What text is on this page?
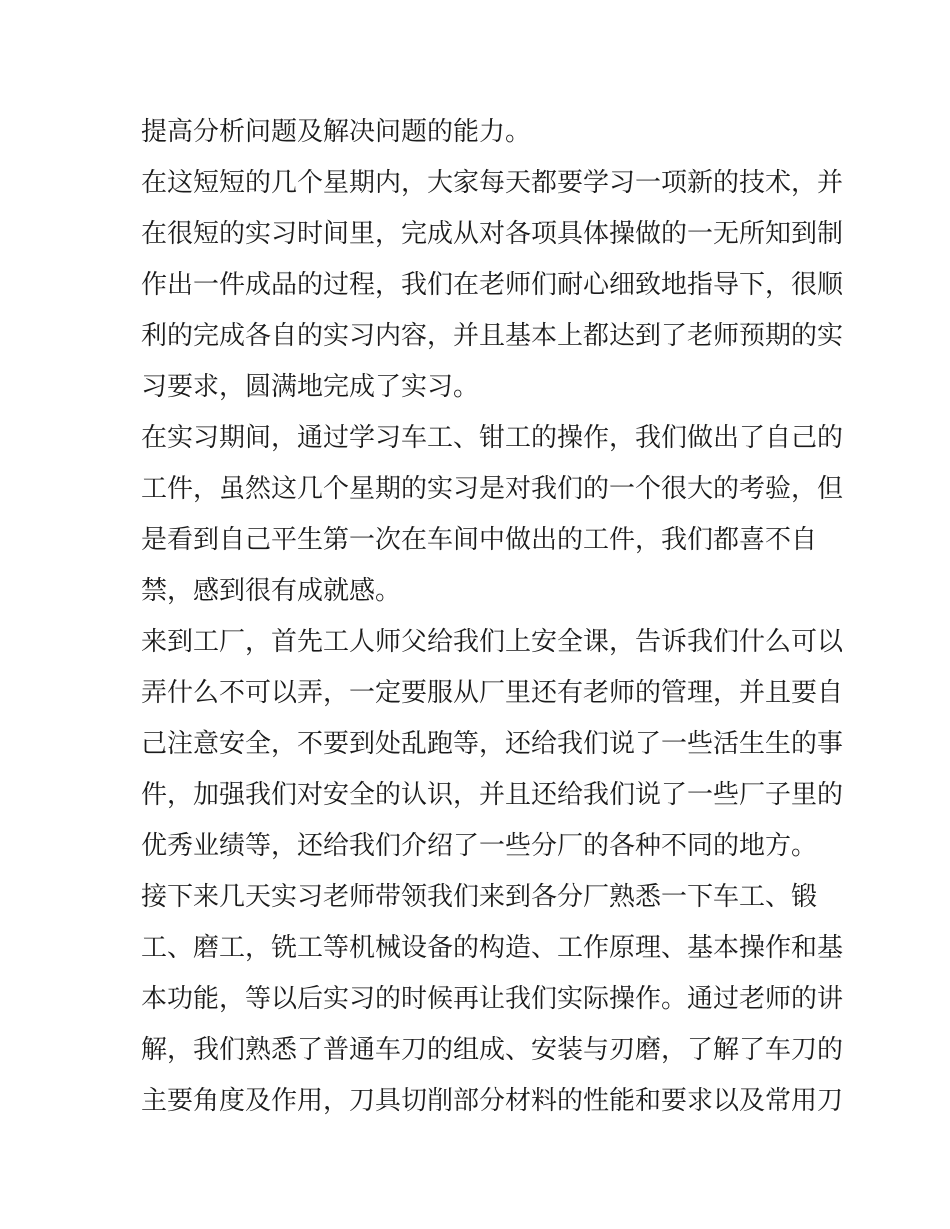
提高分析问题及解决问题的能力。
在这短短的几个星期内，大家每天都要学习一项新的技术，并
在很短的实习时间里，完成从对各项具体操做的一无所知到制
作出一件成品的过程，我们在老师们耐心细致地指导下，很顺
利的完成各自的实习内容，并且基本上都达到了老师预期的实
习要求，圆满地完成了实习。
在实习期间，通过学习车工、钳工的操作，我们做出了自己的
工件，虽然这几个星期的实习是对我们的一个很大的考验，但
是看到自己平生第一次在车间中做出的工件，我们都喜不自
禁，感到很有成就感。
来到工厂，首先工人师父给我们上安全课，告诉我们什么可以
弄什么不可以弄，一定要服从厂里还有老师的管理，并且要自
己注意安全，不要到处乱跑等，还给我们说了一些活生生的事
件，加强我们对安全的认识，并且还给我们说了一些厂子里的
优秀业绩等，还给我们介绍了一些分厂的各种不同的地方。
接下来几天实习老师带领我们来到各分厂熟悉一下车工、锻
工、磨工，铣工等机械设备的构造、工作原理、基本操作和基
本功能，等以后实习的时候再让我们实际操作。通过老师的讲
解，我们熟悉了普通车刀的组成、安装与刃磨，了解了车刀的
主要角度及作用，刀具切削部分材料的性能和要求以及常用刀
